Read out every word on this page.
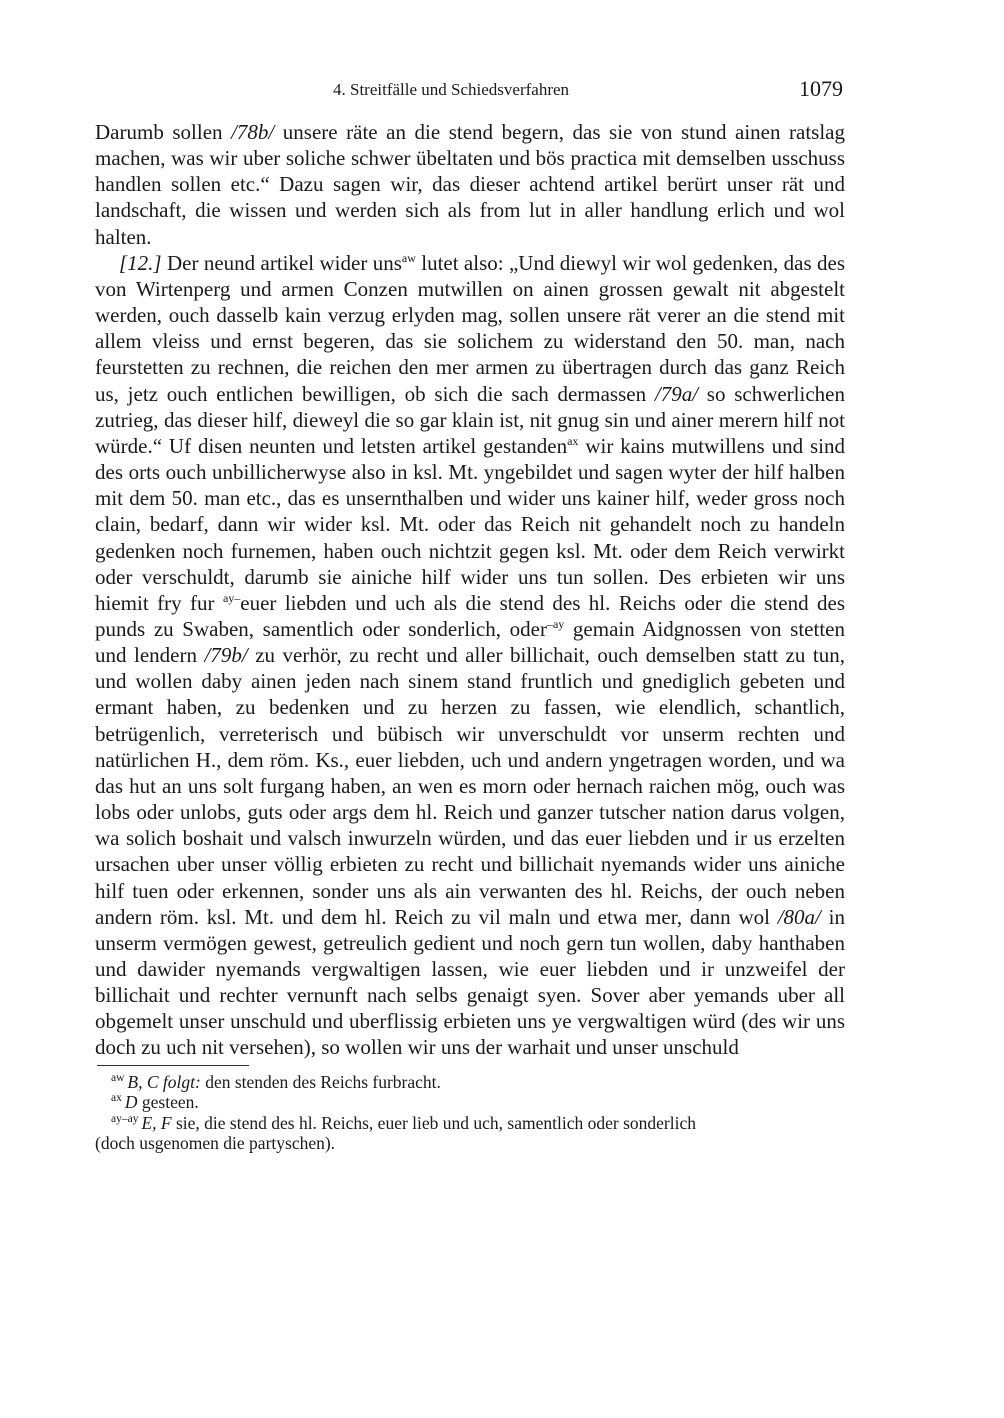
4. Streitfälle und Schiedsverfahren	1079

Darumb sollen /78b/ unsere räte an die stend begern, das sie von stund ainen ratslag machen, was wir uber soliche schwer übeltaten und bös practica mit demselben usschuss handlen sollen etc.“ Dazu sagen wir, das dieser achtend artikel berürt unser rät und landschaft, die wissen und werden sich als from lut in aller handlung erlich und wol halten.

[12.] Der neund artikel wider uns$^{aw}$ lutet also: „Und diewyl wir wol gedenken, das des von Wirtenperg und armen Conzen mutwillen on ainen grossen gewalt nit abgestelt werden, ouch dasselb kain verzug erlyden mag, sollen unsere rät verer an die stend mit allem vleiss und ernst begeren, das sie solichem zu widerstand den 50. man, nach feurstetten zu rechnen, die reichen den mer armen zu übertragen durch das ganz Reich us, jetz ouch entlichen bewilligen, ob sich die sach dermassen /79a/ so schwerlichen zutrieg, das dieser hilf, dieweyl die so gar klain ist, nit gnug sin und ainer merern hilf not würde.“ Uf disen neunten und letsten artikel gestanden$^{ax}$ wir kains mutwillens und sind des orts ouch unbillicherwyse also in ksl. Mt. yngebildet und sagen wyter der hilf halben mit dem 50. man etc., das es unsernthalben und wider uns kainer hilf, weder gross noch clain, bedarf, dann wir wider ksl. Mt. oder das Reich nit gehandelt noch zu handeln gedenken noch furnemen, haben ouch nichtzit gegen ksl. Mt. oder dem Reich verwirkt oder verschuldt, darumb sie ainiche hilf wider uns tun sollen. Des erbieten wir uns hiemit fry fur $^{ay-}$euer liebden und uch als die stend des hl. Reichs oder die stend des punds zu Swaben, samentlich oder sonderlich, oder$^{-ay}$ gemain Aidgnossen von stetten und lendern /79b/ zu verhör, zu recht und aller billichait, ouch demselben statt zu tun, und wollen daby ainen jeden nach sinem stand fruntlich und gnediglich gebeten und ermant haben, zu bedenken und zu herzen zu fassen, wie elendlich, schantlich, betrügenlich, verreterisch und bübisch wir unverschuldt vor unserm rechten und natürlichen H., dem röm. Ks., euer liebden, uch und andern yngetragen worden, und wa das hut an uns solt furgang haben, an wen es morn oder hernach raichen mög, ouch was lobs oder unlobs, guts oder args dem hl. Reich und ganzer tutscher nation darus volgen, wa solich boshait und valsch inwurzeln würden, und das euer liebden und ir us erzelten ursachen uber unser völlig erbieten zu recht und billichait nyemands wider uns ainiche hilf tuen oder erkennen, sonder uns als ain verwanten des hl. Reichs, der ouch neben andern röm. ksl. Mt. und dem hl. Reich zu vil maln und etwa mer, dann wol /80a/ in unserm vermögen gewest, getreulich gedient und noch gern tun wollen, daby hanthaben und dawider nyemands vergwaltigen lassen, wie euer liebden und ir unzweifel der billichait und rechter vernunft nach selbs genaigt syen. Sover aber yemands uber all obgemelt unser unschuld und uberflissig erbieten uns ye vergwaltigen würd (des wir uns doch zu uch nit versehen), so wollen wir uns der warhait und unser unschuld

$^{aw}$ B, C folgt: den stenden des Reichs furbracht.

$^{ax}$ D gesteen.

$^{ay-ay}$ E, F sie, die stend des hl. Reichs, euer lieb und uch, samentlich oder sonderlich

(doch usgenomen die partyschen).
